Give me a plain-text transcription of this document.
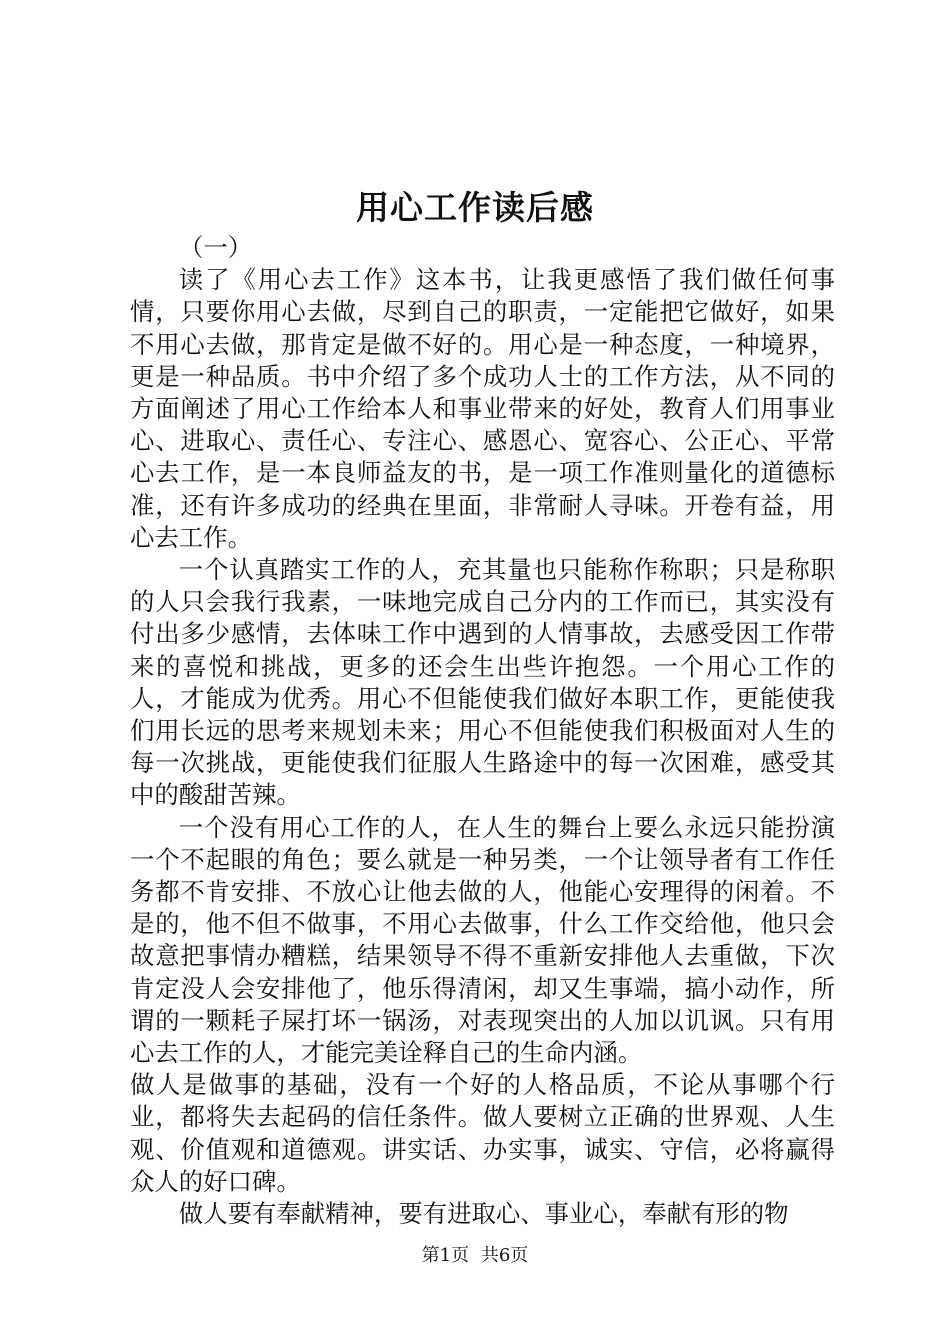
用心工作读后感

（一）

读了《用心去工作》这本书，让我更感悟了我们做任何事情，只要你用心去做，尽到自己的职责，一定能把它做好，如果不用心去做，那肯定是做不好的。用心是一种态度，一种境界，更是一种品质。书中介绍了多个成功人士的工作方法，从不同的方面阐述了用心工作给本人和事业带来的好处，教育人们用事业心、进取心、责任心、专注心、感恩心、宽容心、公正心、平常心去工作，是一本良师益友的书，是一项工作准则量化的道德标准，还有许多成功的经典在里面，非常耐人寻味。开卷有益，用心去工作。

一个认真踏实工作的人，充其量也只能称作称职；只是称职的人只会我行我素，一味地完成自己分内的工作而已，其实没有付出多少感情，去体味工作中遇到的人情事故，去感受因工作带来的喜悦和挑战，更多的还会生出些许抱怨。一个用心工作的人，才能成为优秀。用心不但能使我们做好本职工作，更能使我们用长远的思考来规划未来；用心不但能使我们积极面对人生的每一次挑战，更能使我们征服人生路途中的每一次困难，感受其中的酸甜苦辣。

一个没有用心工作的人，在人生的舞台上要么永远只能扮演一个不起眼的角色；要么就是一种另类，一个让领导者有工作任务都不肯安排、不放心让他去做的人，他能心安理得的闲着。不是的，他不但不做事，不用心去做事，什么工作交给他，他只会故意把事情办糟糕，结果领导不得不重新安排他人去重做，下次肯定没人会安排他了，他乐得清闲，却又生事端，搞小动作，所谓的一颗耗子屎打坏一锅汤，对表现突出的人加以讥讽。只有用心去工作的人，才能完美诠释自己的生命内涵。

做人是做事的基础，没有一个好的人格品质，不论从事哪个行业，都将失去起码的信任条件。做人要树立正确的世界观、人生观、价值观和道德观。讲实话、办实事，诚实、守信，必将赢得众人的好口碑。

做人要有奉献精神，要有进取心、事业心，奉献有形的物

第1页 共6页
